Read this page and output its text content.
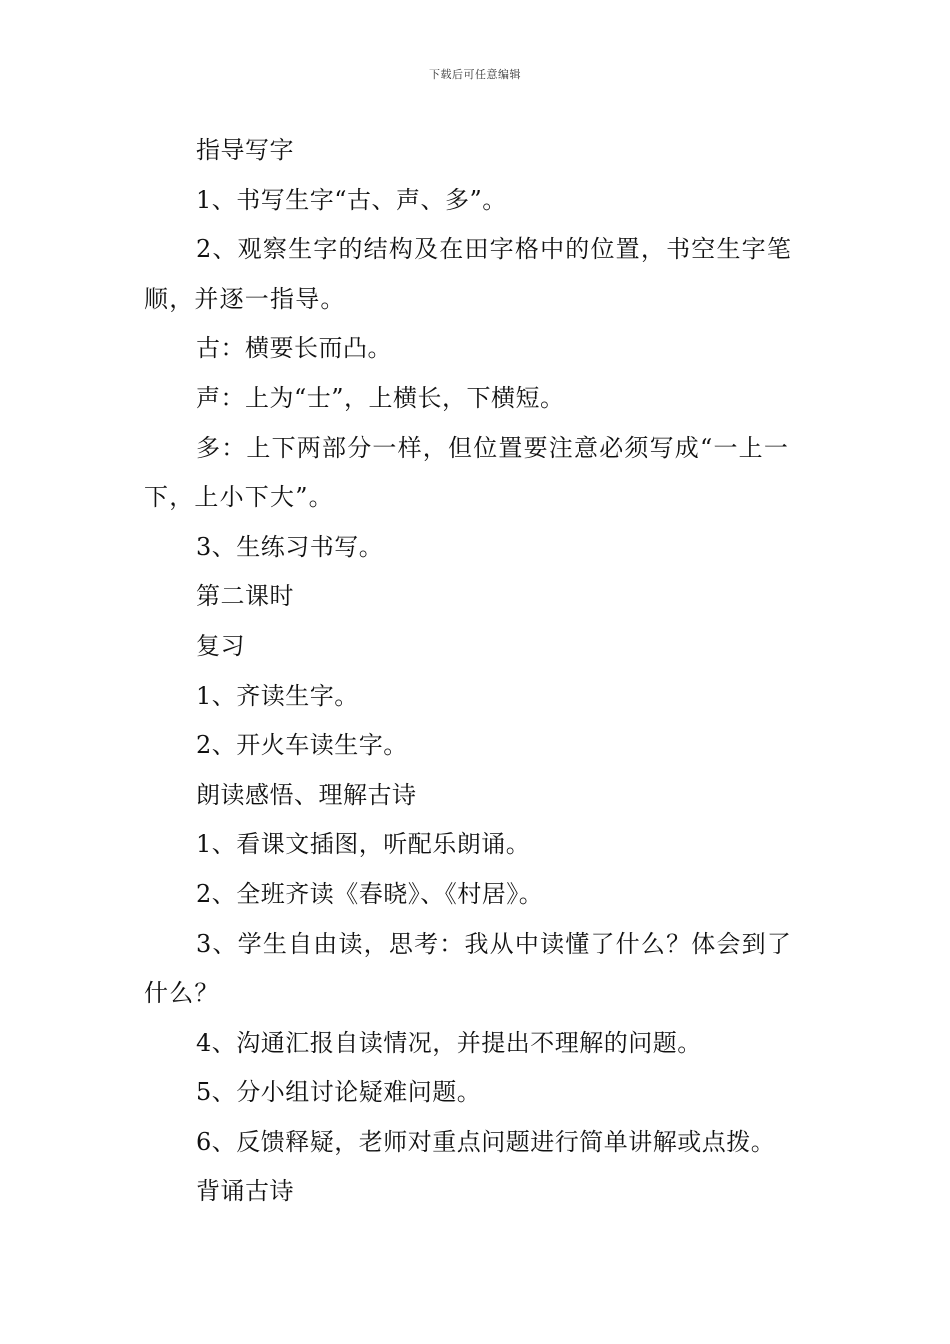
下载后可任意编辑

指导写字

1、书写生字“古、声、多”。

2、观察生字的结构及在田字格中的位置，书空生字笔顺，并逐一指导。

古：横要长而凸。

声：上为“士”，上横长，下横短。

多：上下两部分一样，但位置要注意必须写成“一上一下，上小下大”。

3、生练习书写。

第二课时

复习

1、齐读生字。

2、开火车读生字。

朗读感悟、理解古诗

1、看课文插图，听配乐朗诵。

2、全班齐读《春晓》、《村居》。

3、学生自由读，思考：我从中读懂了什么？体会到了什么？

4、沟通汇报自读情况，并提出不理解的问题。

5、分小组讨论疑难问题。

6、反馈释疑，老师对重点问题进行简单讲解或点拨。

背诵古诗
